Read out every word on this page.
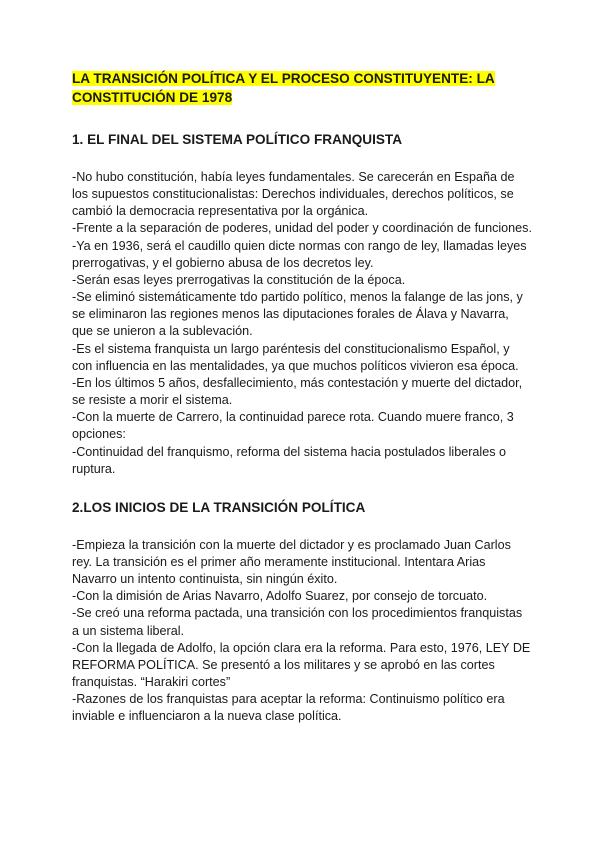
LA TRANSICIÓN POLÍTICA Y EL PROCESO CONSTITUYENTE: LA CONSTITUCIÓN DE 1978

1. EL FINAL DEL SISTEMA POLÍTICO FRANQUISTA

-No hubo constitución, había leyes fundamentales. Se carecerán en España de los supuestos constitucionalistas: Derechos individuales, derechos políticos, se cambió la democracia representativa por la orgánica.

-Frente a la separación de poderes, unidad del poder y coordinación de funciones.

-Ya en 1936, será el caudillo quien dicte normas con rango de ley, llamadas leyes prerrogativas, y el gobierno abusa de los decretos ley.

-Serán esas leyes prerrogativas la constitución de la época.

-Se eliminó sistemáticamente tdo partido político, menos la falange de las jons, y se eliminaron las regiones menos las diputaciones forales de Álava y Navarra, que se unieron a la sublevación.

-Es el sistema franquista un largo paréntesis del constitucionalismo Español, y con influencia en las mentalidades, ya que muchos políticos vivieron esa época.

-En los últimos 5 años, desfallecimiento, más contestación y muerte del dictador, se resiste a morir el sistema.

-Con la muerte de Carrero, la continuidad parece rota. Cuando muere franco, 3 opciones:

-Continuidad del franquismo, reforma del sistema hacia postulados liberales o ruptura.

2.LOS INICIOS DE LA TRANSICIÓN POLÍTICA

-Empieza la transición con la muerte del dictador y es proclamado Juan Carlos rey. La transición es el primer año meramente institucional. Intentara Arias Navarro un intento continuista, sin ningún éxito.

-Con la dimisión de Arias Navarro, Adolfo Suarez, por consejo de torcuato.

-Se creó una reforma pactada, una transición con los procedimientos franquistas a un sistema liberal.

-Con la llegada de Adolfo, la opción clara era la reforma. Para esto, 1976, LEY DE REFORMA POLÍTICA. Se presentó a los militares y se aprobó en las cortes franquistas. “Harakiri cortes”

-Razones de los franquistas para aceptar la reforma: Continuismo político era inviable e influenciaron a la nueva clase política.
